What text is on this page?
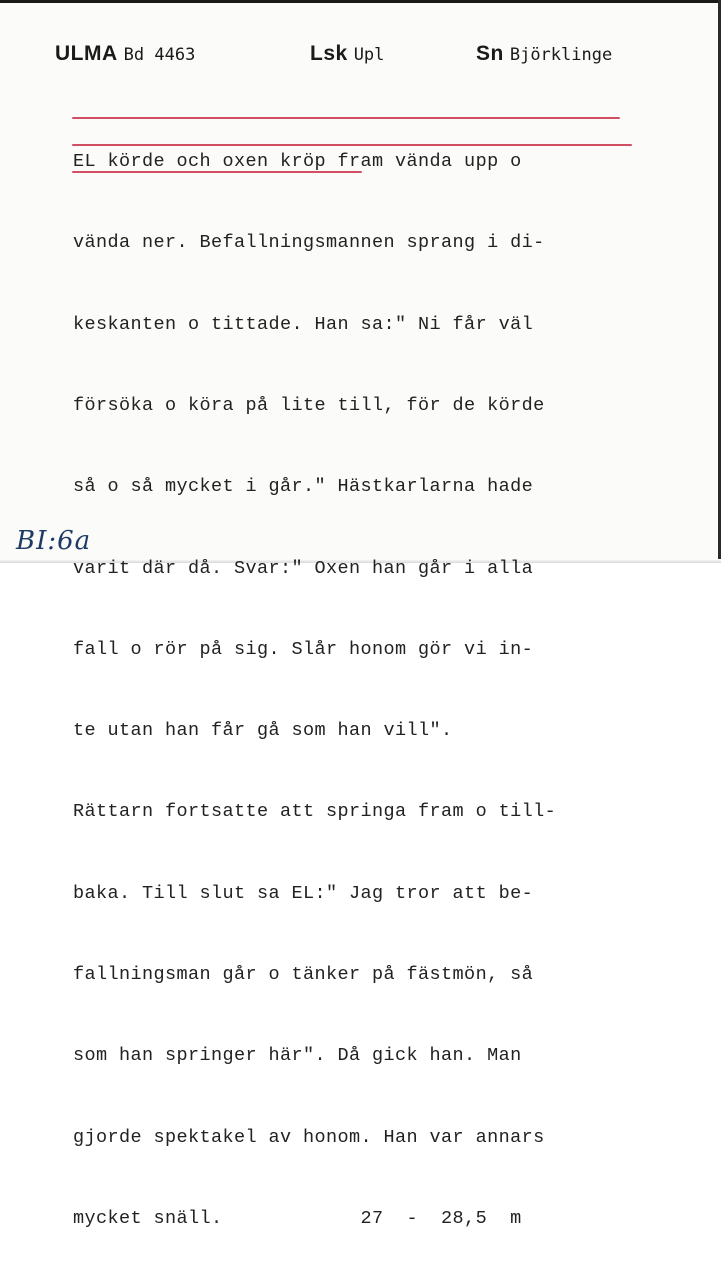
ULMA Bd 4463	Lsk Upl	Sn Björklinge

EL körde och oxen kröp fram vända upp o

vända ner. Befallningsmannen sprang i di-

keskanten o tittade. Han sa:" Ni får väl

försöka o köra på lite till, för de körde

så o så mycket i går." Hästkarlarna hade

varit där då. Svar:" Oxen han går i alla

fall o rör på sig. Slår honom gör vi in-

te utan han får gå som han vill".

Rättarn fortsatte att springa fram o till-

baka. Till slut sa EL:" Jag tror att be-

fallningsman går o tänker på fästmön, så

som han springer här". Då gick han. Man

gjorde spektakel av honom. Han var annars

mycket snäll.            27  -  28,5  m

BI:6a
